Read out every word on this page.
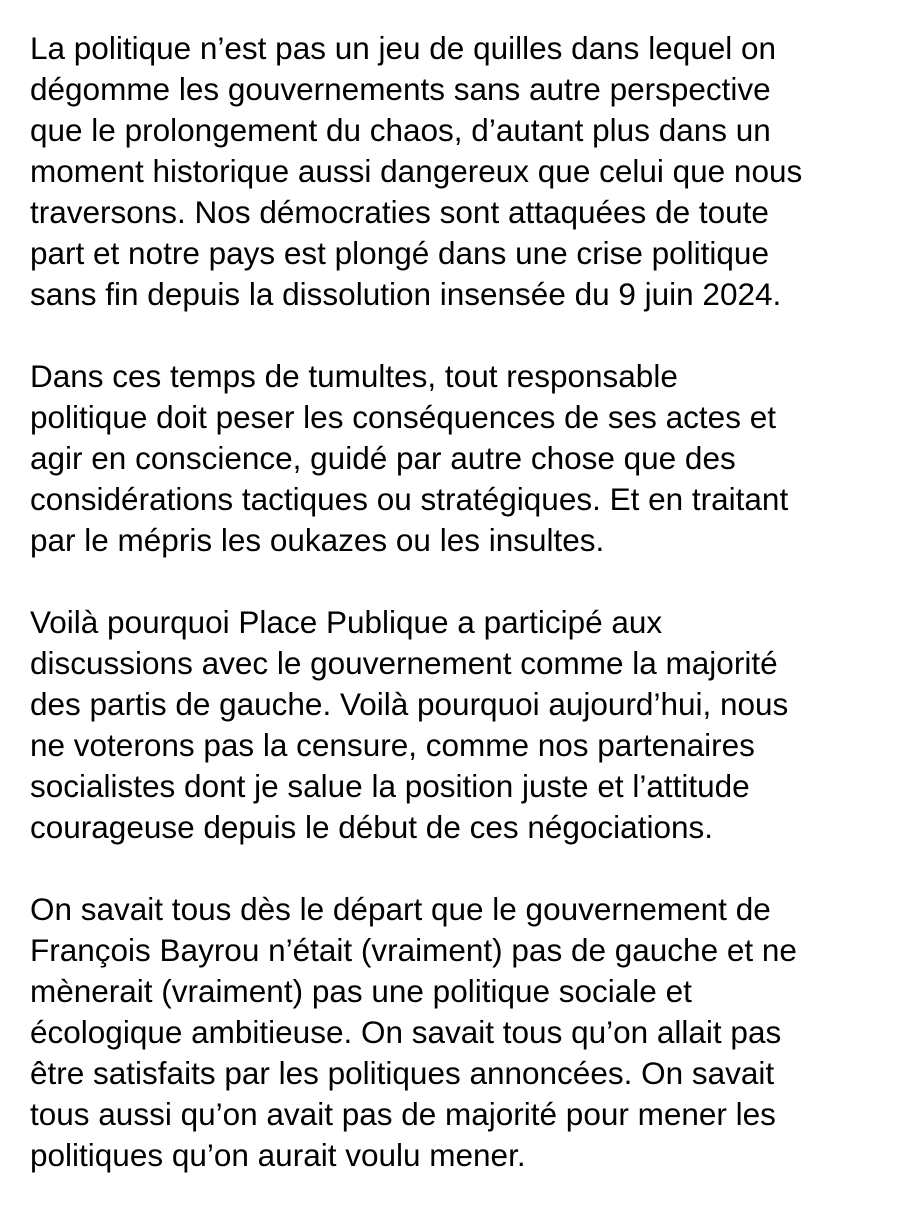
La politique n’est pas un jeu de quilles dans lequel on
dégomme les gouvernements sans autre perspective
que le prolongement du chaos, d’autant plus dans un
moment historique aussi dangereux que celui que nous
traversons. Nos démocraties sont attaquées de toute
part et notre pays est plongé dans une crise politique
sans fin depuis la dissolution insensée du 9 juin 2024.

Dans ces temps de tumultes, tout responsable
politique doit peser les conséquences de ses actes et
agir en conscience, guidé par autre chose que des
considérations tactiques ou stratégiques. Et en traitant
par le mépris les oukazes ou les insultes.

Voilà pourquoi Place Publique a participé aux
discussions avec le gouvernement comme la majorité
des partis de gauche. Voilà pourquoi aujourd’hui, nous
ne voterons pas la censure, comme nos partenaires
socialistes dont je salue la position juste et l’attitude
courageuse depuis le début de ces négociations.

On savait tous dès le départ que le gouvernement de
François Bayrou n’était (vraiment) pas de gauche et ne
mènerait (vraiment) pas une politique sociale et
écologique ambitieuse. On savait tous qu’on allait pas
être satisfaits par les politiques annoncées. On savait
tous aussi qu’on avait pas de majorité pour mener les
politiques qu’on aurait voulu mener.
